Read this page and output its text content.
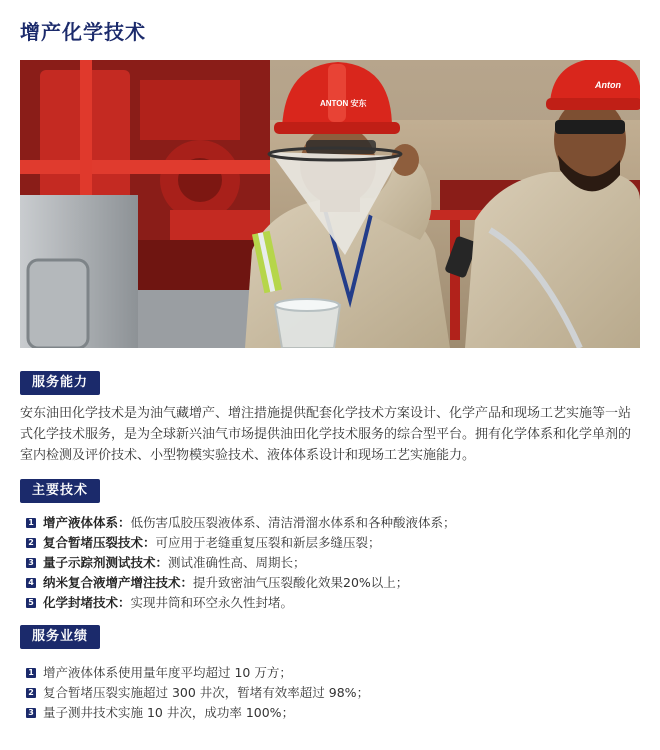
增产化学技术
ANTON 安东
Anton
服务能力

安东油田化学技术是为油气藏增产、增注措施提供配套化学技术方案设计、化学产品和现场工艺实施等一站式化学技术服务，是为全球新兴油气市场提供油田化学技术服务的综合型平台。拥有化学体系和化学单剂的室内检测及评价技术、小型物模实验技术、液体体系设计和现场工艺实施能力。

主要技术
1 增产液体体系： 低伤害瓜胶压裂液体系、清洁滑溜水体系和各种酸液体系；
2 复合暂堵压裂技术： 可应用于老缝重复压裂和新层多缝压裂；
3 量子示踪剂测试技术： 测试准确性高、周期长；
4 纳米复合液增产增注技术： 提升致密油气压裂酸化效果20%以上；
5 化学封堵技术： 实现井筒和环空永久性封堵。
服务业绩
1 增产液体体系使用量年度平均超过 10 万方；
2 复合暂堵压裂实施超过 300 井次，暂堵有效率超过 98%；
3 量子测井技术实施 10 井次，成功率 100%；
